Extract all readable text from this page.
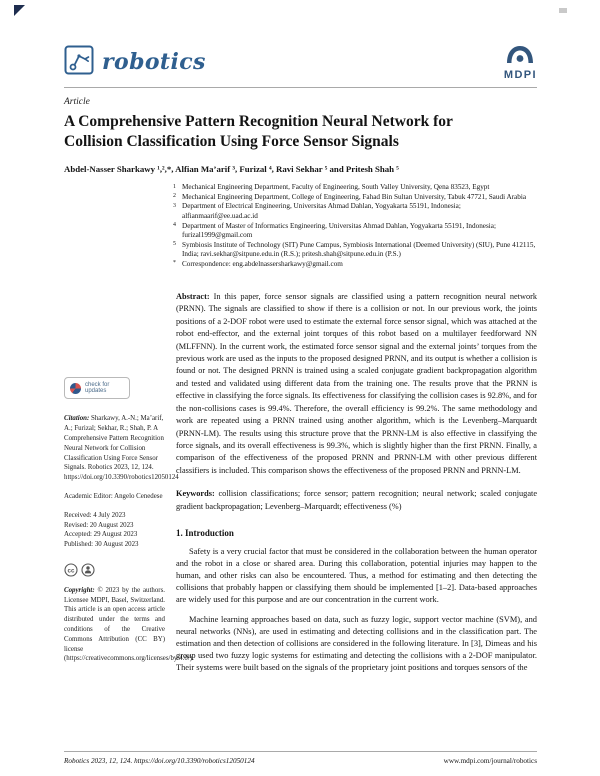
robotics	MDPI
Article
A Comprehensive Pattern Recognition Neural Network for
Collision Classification Using Force Sensor Signals
Abdel-Nasser Sharkawy ¹,²,*, Alfian Ma’arif ³, Furizal ⁴, Ravi Sekhar ⁵ and Pritesh Shah ⁵
1 Mechanical Engineering Department, Faculty of Engineering, South Valley University, Qena 83523, Egypt
2 Mechanical Engineering Department, College of Engineering, Fahad Bin Sultan University, Tabuk 47721, Saudi Arabia
3 Department of Electrical Engineering, Universitas Ahmad Dahlan, Yogyakarta 55191, Indonesia; alfianmaarif@ee.uad.ac.id
4 Department of Master of Informatics Engineering, Universitas Ahmad Dahlan, Yogyakarta 55191, Indonesia; furizal1999@gmail.com
5 Symbiosis Institute of Technology (SIT) Pune Campus, Symbiosis International (Deemed University) (SIU), Pune 412115, India; ravi.sekhar@sitpune.edu.in (R.S.); pritesh.shah@sitpune.edu.in (P.S.)
* Correspondence: eng.abdelnassersharkawy@gmail.com
check for
updates

Citation: Sharkawy, A.-N.; Ma’arif, A.; Furizal; Sekhar, R.; Shah, P. A Comprehensive Pattern Recognition Neural Network for Collision Classification Using Force Sensor Signals. Robotics 2023, 12, 124. https://doi.org/10.3390/robotics12050124

Academic Editor: Angelo Cenedese

Received: 4 July 2023
Revised: 20 August 2023
Accepted: 29 August 2023
Published: 30 August 2023

cc

Copyright: © 2023 by the authors. Licensee MDPI, Basel, Switzerland. This article is an open access article distributed under the terms and conditions of the Creative Commons Attribution (CC BY) license (https://creativecommons.org/licenses/by/4.0/).

Abstract: In this paper, force sensor signals are classified using a pattern recognition neural network (PRNN). The signals are classified to show if there is a collision or not. In our previous work, the joints positions of a 2-DOF robot were used to estimate the external force sensor signal, which was attached at the robot end-effector, and the external joint torques of this robot based on a multilayer feedforward NN (MLFFNN). In the current work, the estimated force sensor signal and the external joints’ torques from the previous work are used as the inputs to the proposed designed PRNN, and its output is whether a collision is found or not. The designed PRNN is trained using a scaled conjugate gradient backpropagation algorithm and tested and validated using different data from the training one. The results prove that the PRNN is effective in classifying the force signals. Its effectiveness for classifying the collision cases is 92.8%, and for the non-collisions cases is 99.4%. Therefore, the overall efficiency is 99.2%. The same methodology and work are repeated using a PRNN trained using another algorithm, which is the Levenberg–Marquardt (PRNN-LM). The results using this structure prove that the PRNN-LM is also effective in classifying the force signals, and its overall effectiveness is 99.3%, which is slightly higher than the first PRNN. Finally, a comparison of the effectiveness of the proposed PRNN and PRNN-LM with other previous different classifiers is included. This comparison shows the effectiveness of the proposed PRNN and PRNN-LM.

Keywords: collision classifications; force sensor; pattern recognition; neural network; scaled conjugate gradient backpropagation; Levenberg–Marquardt; effectiveness (%)

1. Introduction

Safety is a very crucial factor that must be considered in the collaboration between the human operator and the robot in a close or shared area. During this collaboration, potential injuries may happen to the human, and other risks can also be encountered. Thus, a method for estimating and then detecting the collisions that probably happen or classifying them should be implemented [1–2]. Data-based approaches are widely used for this purpose and are our concentration in the current work.

Machine learning approaches based on data, such as fuzzy logic, support vector machine (SVM), and neural networks (NNs), are used in estimating and detecting collisions and in the classification part. The estimation and then detection of collisions are considered in the following literature. In [3], Dimeas and his group used two fuzzy logic systems for estimating and detecting the collisions with a 2-DOF manipulator. Their systems were built based on the signals of the proprietary joint positions and torques sensors of the

Robotics 2023, 12, 124. https://doi.org/10.3390/robotics12050124	www.mdpi.com/journal/robotics
